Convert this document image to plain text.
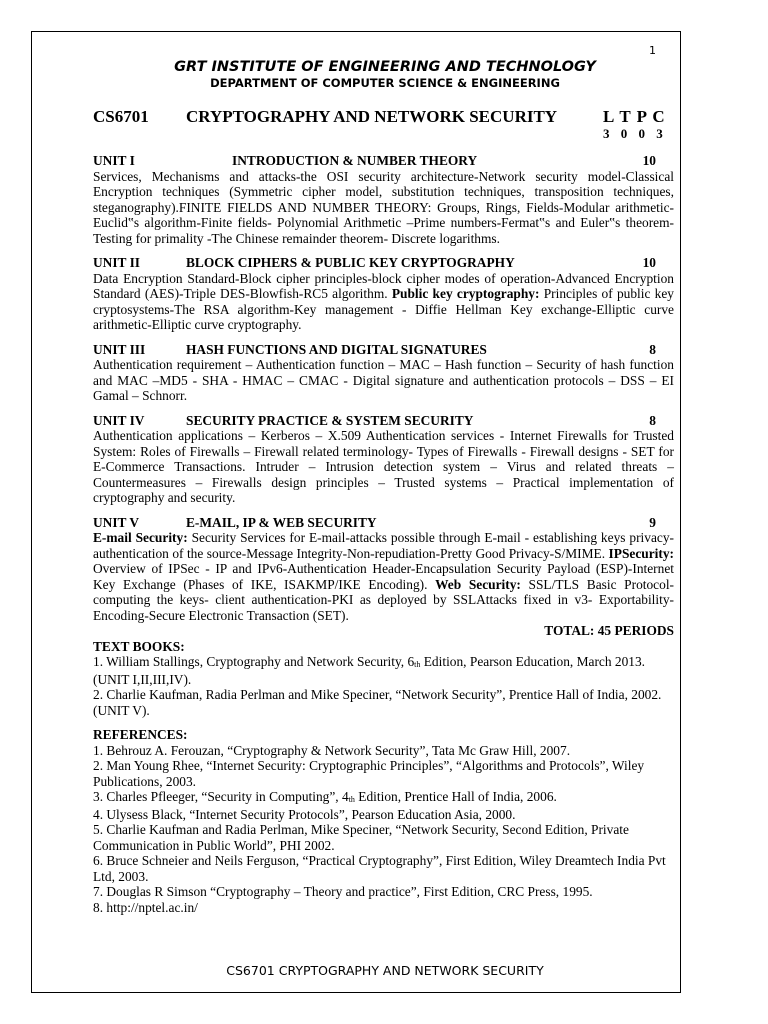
1
GRT INSTITUTE OF ENGINEERING AND TECHNOLOGY
DEPARTMENT OF COMPUTER SCIENCE & ENGINEERING
CS6701 CRYPTOGRAPHY AND NETWORK SECURITY	L T P C
3 0 0 3
UNIT I	INTRODUCTION & NUMBER THEORY	10
Services, Mechanisms and attacks-the OSI security architecture-Network security model-Classical Encryption techniques (Symmetric cipher model, substitution techniques, transposition techniques, steganography).FINITE FIELDS AND NUMBER THEORY: Groups, Rings, Fields-Modular arithmetic-Euclid‟s algorithm-Finite fields- Polynomial Arithmetic –Prime numbers-Fermat‟s and Euler‟s theorem-Testing for primality -The Chinese remainder theorem- Discrete logarithms.
UNIT II	BLOCK CIPHERS & PUBLIC KEY CRYPTOGRAPHY	10
Data Encryption Standard-Block cipher principles-block cipher modes of operation-Advanced Encryption Standard (AES)-Triple DES-Blowfish-RC5 algorithm. Public key cryptography: Principles of public key cryptosystems-The RSA algorithm-Key management - Diffie Hellman Key exchange-Elliptic curve arithmetic-Elliptic curve cryptography.
UNIT III	HASH FUNCTIONS AND DIGITAL SIGNATURES	8
Authentication requirement – Authentication function – MAC – Hash function – Security of hash function and MAC –MD5 - SHA - HMAC – CMAC - Digital signature and authentication protocols – DSS – EI Gamal – Schnorr.
UNIT IV	SECURITY PRACTICE & SYSTEM SECURITY	8
Authentication applications – Kerberos – X.509 Authentication services - Internet Firewalls for Trusted System: Roles of Firewalls – Firewall related terminology- Types of Firewalls - Firewall designs - SET for E-Commerce Transactions. Intruder – Intrusion detection system – Virus and related threats – Countermeasures – Firewalls design principles – Trusted systems – Practical implementation of cryptography and security.
UNIT V	E-MAIL, IP & WEB SECURITY	9
E-mail Security: Security Services for E-mail-attacks possible through E-mail - establishing keys privacy-authentication of the source-Message Integrity-Non-repudiation-Pretty Good Privacy-S/MIME. IPSecurity: Overview of IPSec - IP and IPv6-Authentication Header-Encapsulation Security Payload (ESP)-Internet Key Exchange (Phases of IKE, ISAKMP/IKE Encoding). Web Security: SSL/TLS Basic Protocol-computing the keys- client authentication-PKI as deployed by SSLAttacks fixed in v3- Exportability-Encoding-Secure Electronic Transaction (SET).
TOTAL: 45 PERIODS
TEXT BOOKS:
1. William Stallings, Cryptography and Network Security, 6th Edition, Pearson Education, March 2013. (UNIT I,II,III,IV).
2. Charlie Kaufman, Radia Perlman and Mike Speciner, “Network Security”, Prentice Hall of India, 2002. (UNIT V).
REFERENCES:
1. Behrouz A. Ferouzan, “Cryptography & Network Security”, Tata Mc Graw Hill, 2007.
2. Man Young Rhee, “Internet Security: Cryptographic Principles”, “Algorithms and Protocols”, Wiley Publications, 2003.
3. Charles Pfleeger, “Security in Computing”, 4th Edition, Prentice Hall of India, 2006.
4. Ulysess Black, “Internet Security Protocols”, Pearson Education Asia, 2000.
5. Charlie Kaufman and Radia Perlman, Mike Speciner, “Network Security, Second Edition, Private Communication in Public World”, PHI 2002.
6. Bruce Schneier and Neils Ferguson, “Practical Cryptography”, First Edition, Wiley Dreamtech India Pvt Ltd, 2003.
7. Douglas R Simson “Cryptography – Theory and practice”, First Edition, CRC Press, 1995.
8. http://nptel.ac.in/
CS6701 CRYPTOGRAPHY AND NETWORK SECURITY
